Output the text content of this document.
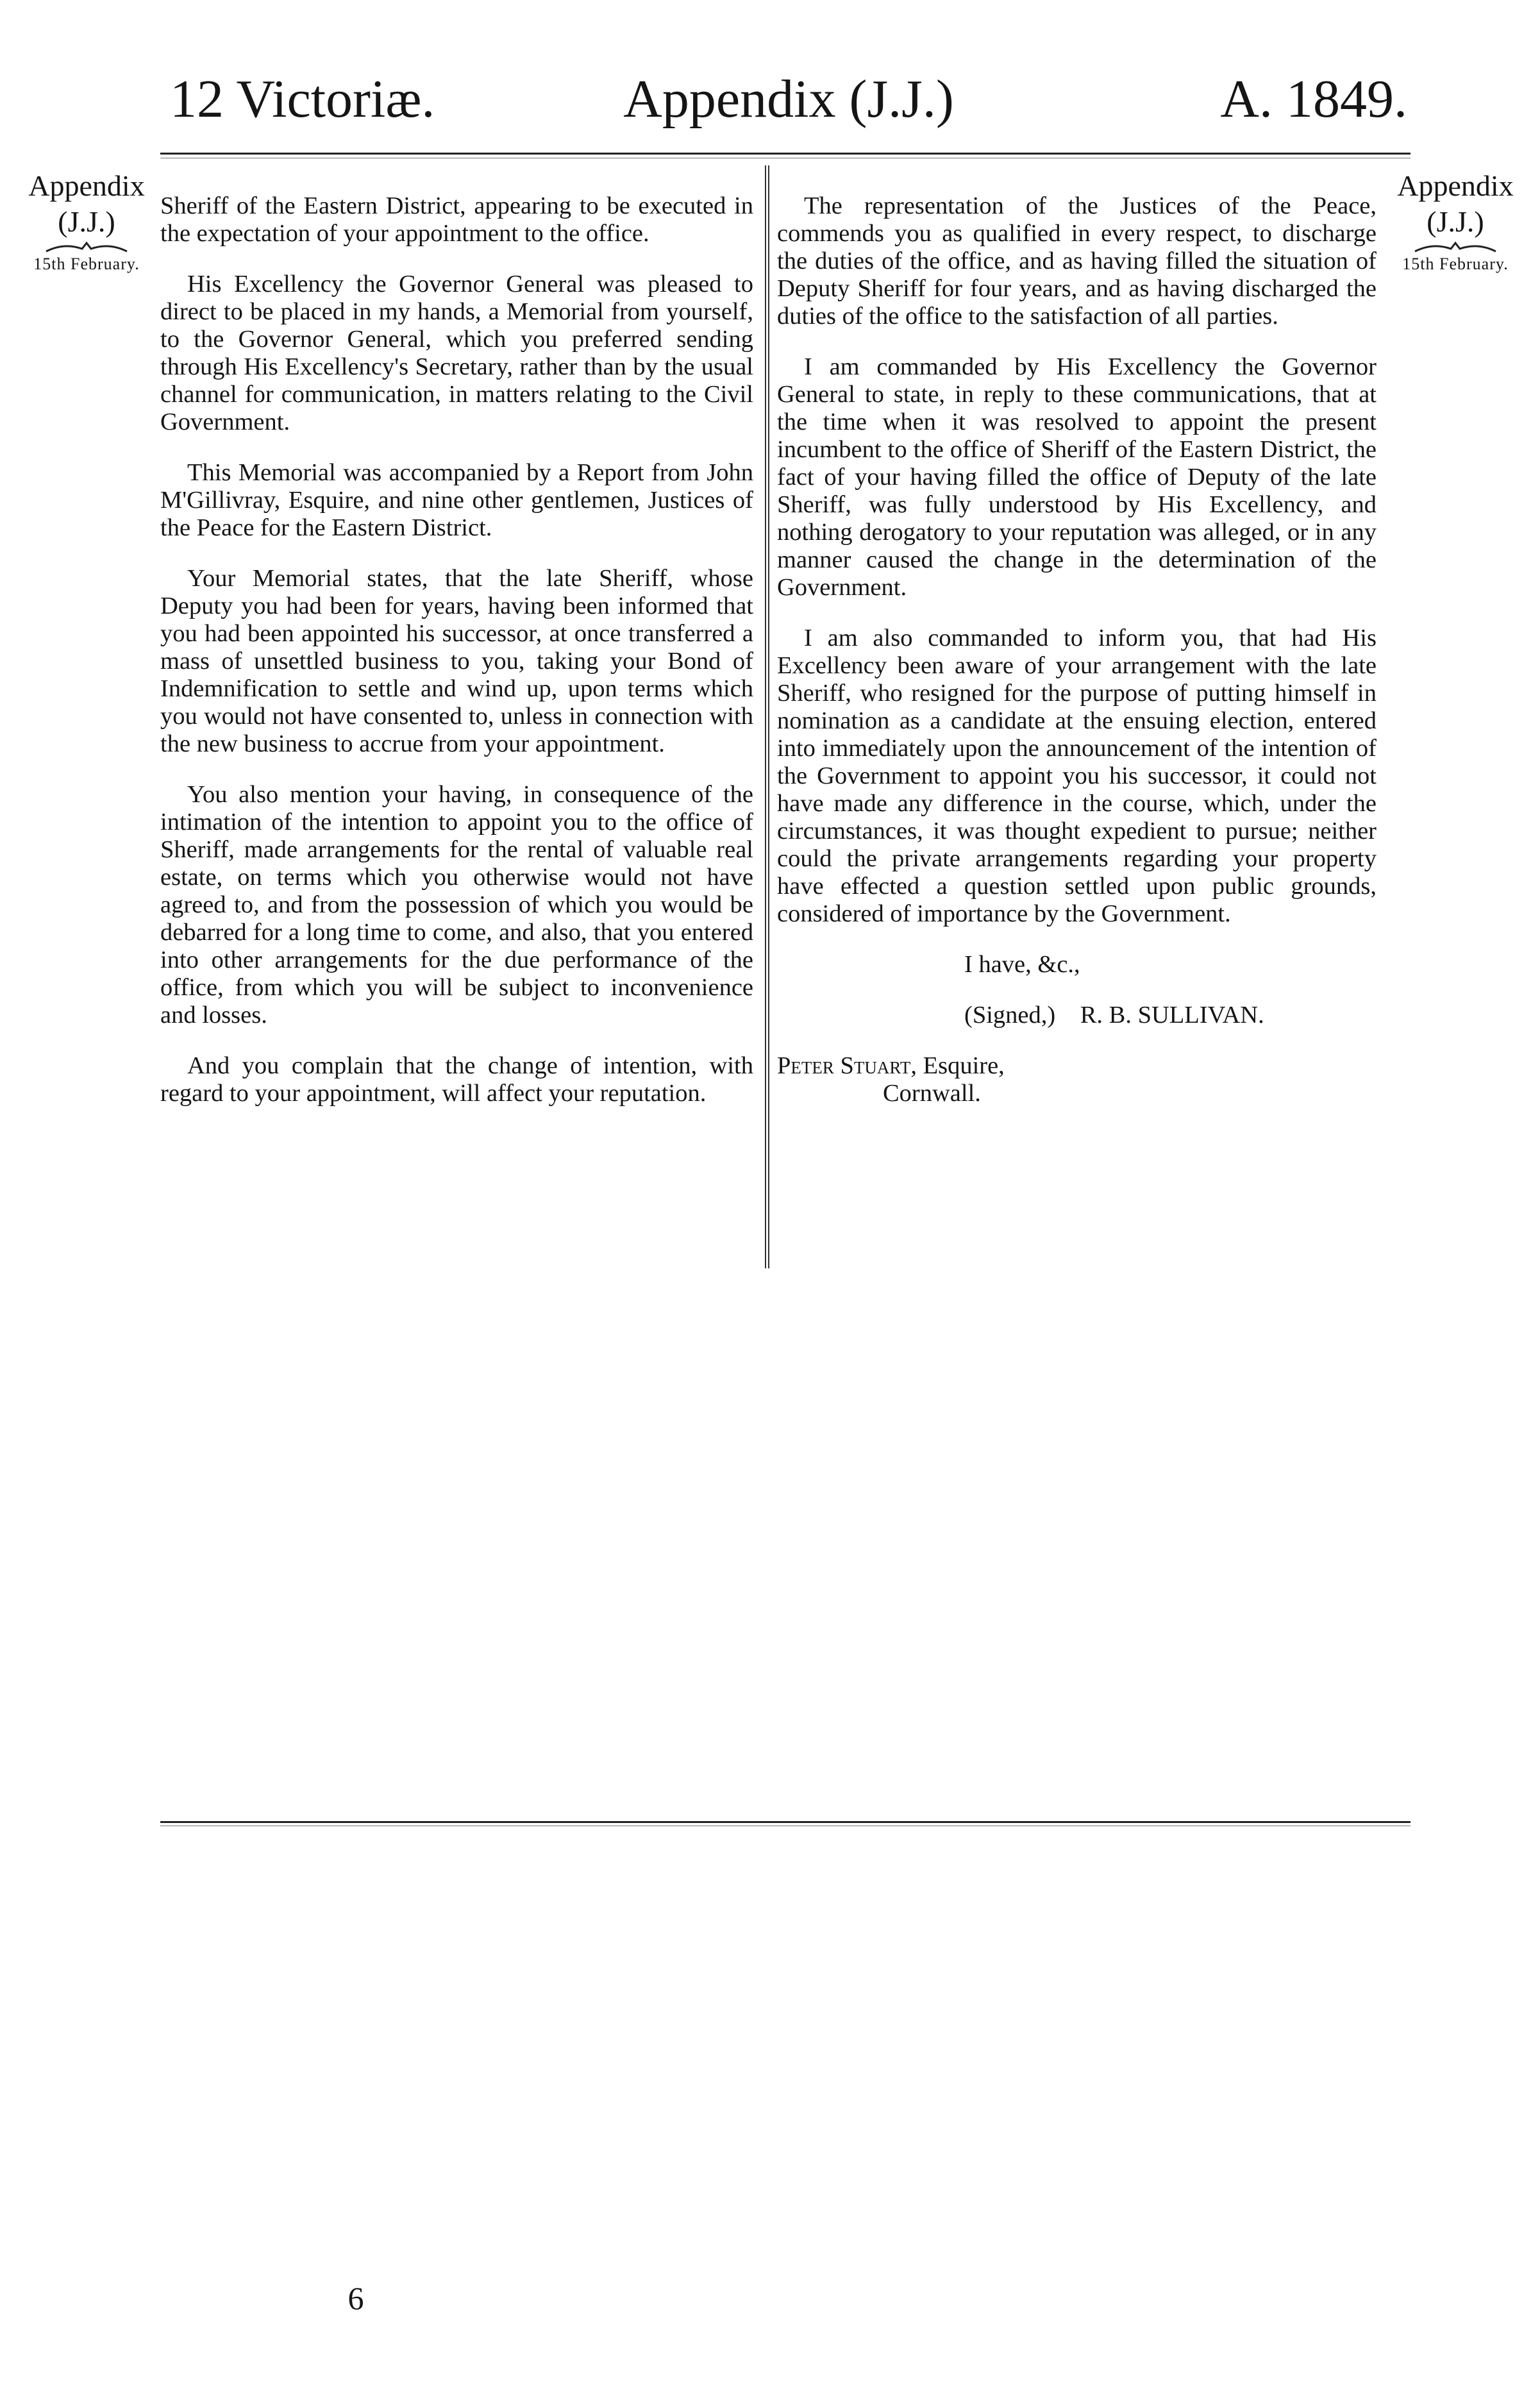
12 Victoriæ.	Appendix (J.J.)	A. 1849.
Appendix
(J.J.)
15th February.
Appendix
(J.J.)
15th February.

Sheriff of the Eastern District, appearing to be executed in the expectation of your appointment to the office.

His Excellency the Governor General was pleased to direct to be placed in my hands, a Memorial from yourself, to the Governor General, which you preferred sending through His Excellency's Secretary, rather than by the usual channel for communication, in matters relating to the Civil Government.

This Memorial was accompanied by a Report from John M'Gillivray, Esquire, and nine other gentlemen, Justices of the Peace for the Eastern District.

Your Memorial states, that the late Sheriff, whose Deputy you had been for years, having been informed that you had been appointed his successor, at once transferred a mass of unsettled business to you, taking your Bond of Indemnification to settle and wind up, upon terms which you would not have consented to, unless in connection with the new business to accrue from your appointment.

You also mention your having, in consequence of the intimation of the intention to appoint you to the office of Sheriff, made arrangements for the rental of valuable real estate, on terms which you otherwise would not have agreed to, and from the possession of which you would be debarred for a long time to come, and also, that you entered into other arrangements for the due performance of the office, from which you will be subject to inconvenience and losses.

And you complain that the change of intention, with regard to your appointment, will affect your reputation.

The representation of the Justices of the Peace, commends you as qualified in every respect, to discharge the duties of the office, and as having filled the situation of Deputy Sheriff for four years, and as having discharged the duties of the office to the satisfaction of all parties.

I am commanded by His Excellency the Governor General to state, in reply to these communications, that at the time when it was resolved to appoint the present incumbent to the office of Sheriff of the Eastern District, the fact of your having filled the office of Deputy of the late Sheriff, was fully understood by His Excellency, and nothing derogatory to your reputation was alleged, or in any manner caused the change in the determination of the Government.

I am also commanded to inform you, that had His Excellency been aware of your arrangement with the late Sheriff, who resigned for the purpose of putting himself in nomination as a candidate at the ensuing election, entered into immediately upon the announcement of the intention of the Government to appoint you his successor, it could not have made any difference in the course, which, under the circumstances, it was thought expedient to pursue; neither could the private arrangements regarding your property have effected a question settled upon public grounds, considered of importance by the Government.

I have, &c.,

(Signed,) R. B. SULLIVAN.

Peter Stuart, Esquire,
Cornwall.
6
